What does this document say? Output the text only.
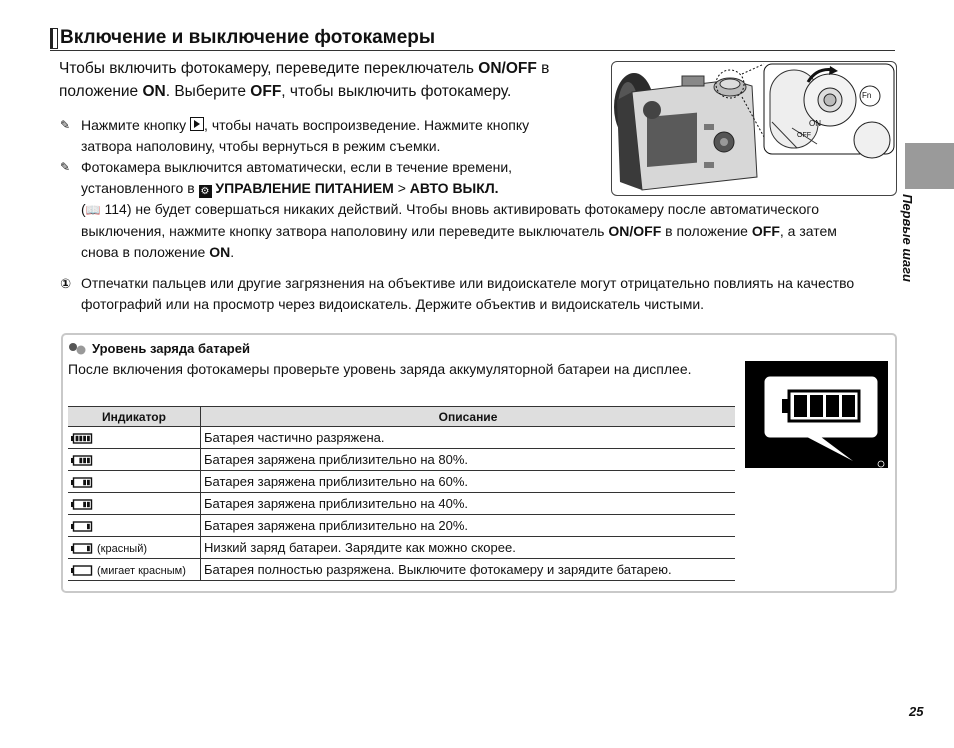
Включение и выключение фотокамеры
Чтобы включить фотокамеру, переведите переключатель ON/OFF в положение ON. Выберите OFF, чтобы выключить фотокамеру.
✎ Нажмите кнопку , чтобы начать воспроизведение. Нажмите кнопку затвора наполовину, чтобы вернуться в режим съемки.
✎ Фотокамера выключится автоматически, если в течение времени, установленного в ⚙ УПРАВЛЕНИЕ ПИТАНИЕМ > АВТО ВЫКЛ.
(📖 114) не будет совершаться никаких действий. Чтобы вновь активировать фотокамеру после автоматического выключения, нажмите кнопку затвора наполовину или переведите выключатель ON/OFF в положение OFF, а затем снова в положение ON.
① Отпечатки пальцев или другие загрязнения на объективе или видоискателе могут отрицательно повлиять на качество фотографий или на просмотр через видоискатель. Держите объектив и видоискатель чистыми.
Fn
ON
OFF
Первые шаги
Уровень заряда батарей
После включения фотокамеры проверьте уровень заряда аккумуляторной батареи на дисплее.
Индикатор	Описание
	Батарея частично разряжена.
	Батарея заряжена приблизительно на 80%.
	Батарея заряжена приблизительно на 60%.
	Батарея заряжена приблизительно на 40%.
	Батарея заряжена приблизительно на 20%.
(красный)	Низкий заряд батареи. Зарядите как можно скорее.
(мигает красным)	Батарея полностью разряжена. Выключите фотокамеру и зарядите батарею.
25
